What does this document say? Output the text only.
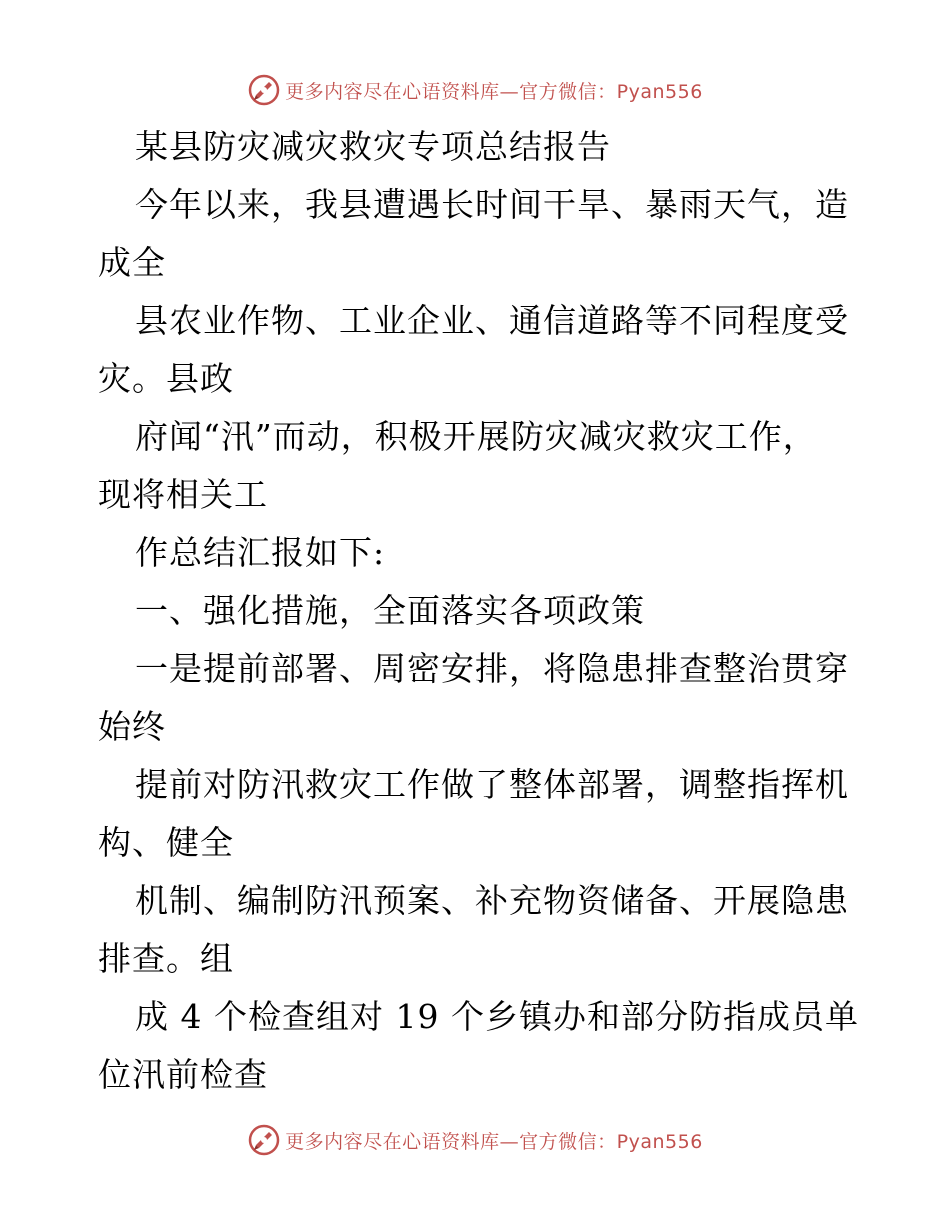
更多内容尽在心语资料库—官方微信：Pyan556
某县防灾减灾救灾专项总结报告
今年以来，我县遭遇长时间干旱、暴雨天气，造
成全
县农业作物、工业企业、通信道路等不同程度受
灾。县政
府闻“汛”而动，积极开展防灾减灾救灾工作，
现将相关工
作总结汇报如下:
一、强化措施，全面落实各项政策
一是提前部署、周密安排，将隐患排查整治贯穿
始终
提前对防汛救灾工作做了整体部署，调整指挥机
构、健全
机制、编制防汛预案、补充物资储备、开展隐患
排查。组
成 4 个检查组对 19 个乡镇办和部分防指成员单
位汛前检查
更多内容尽在心语资料库—官方微信：Pyan556
